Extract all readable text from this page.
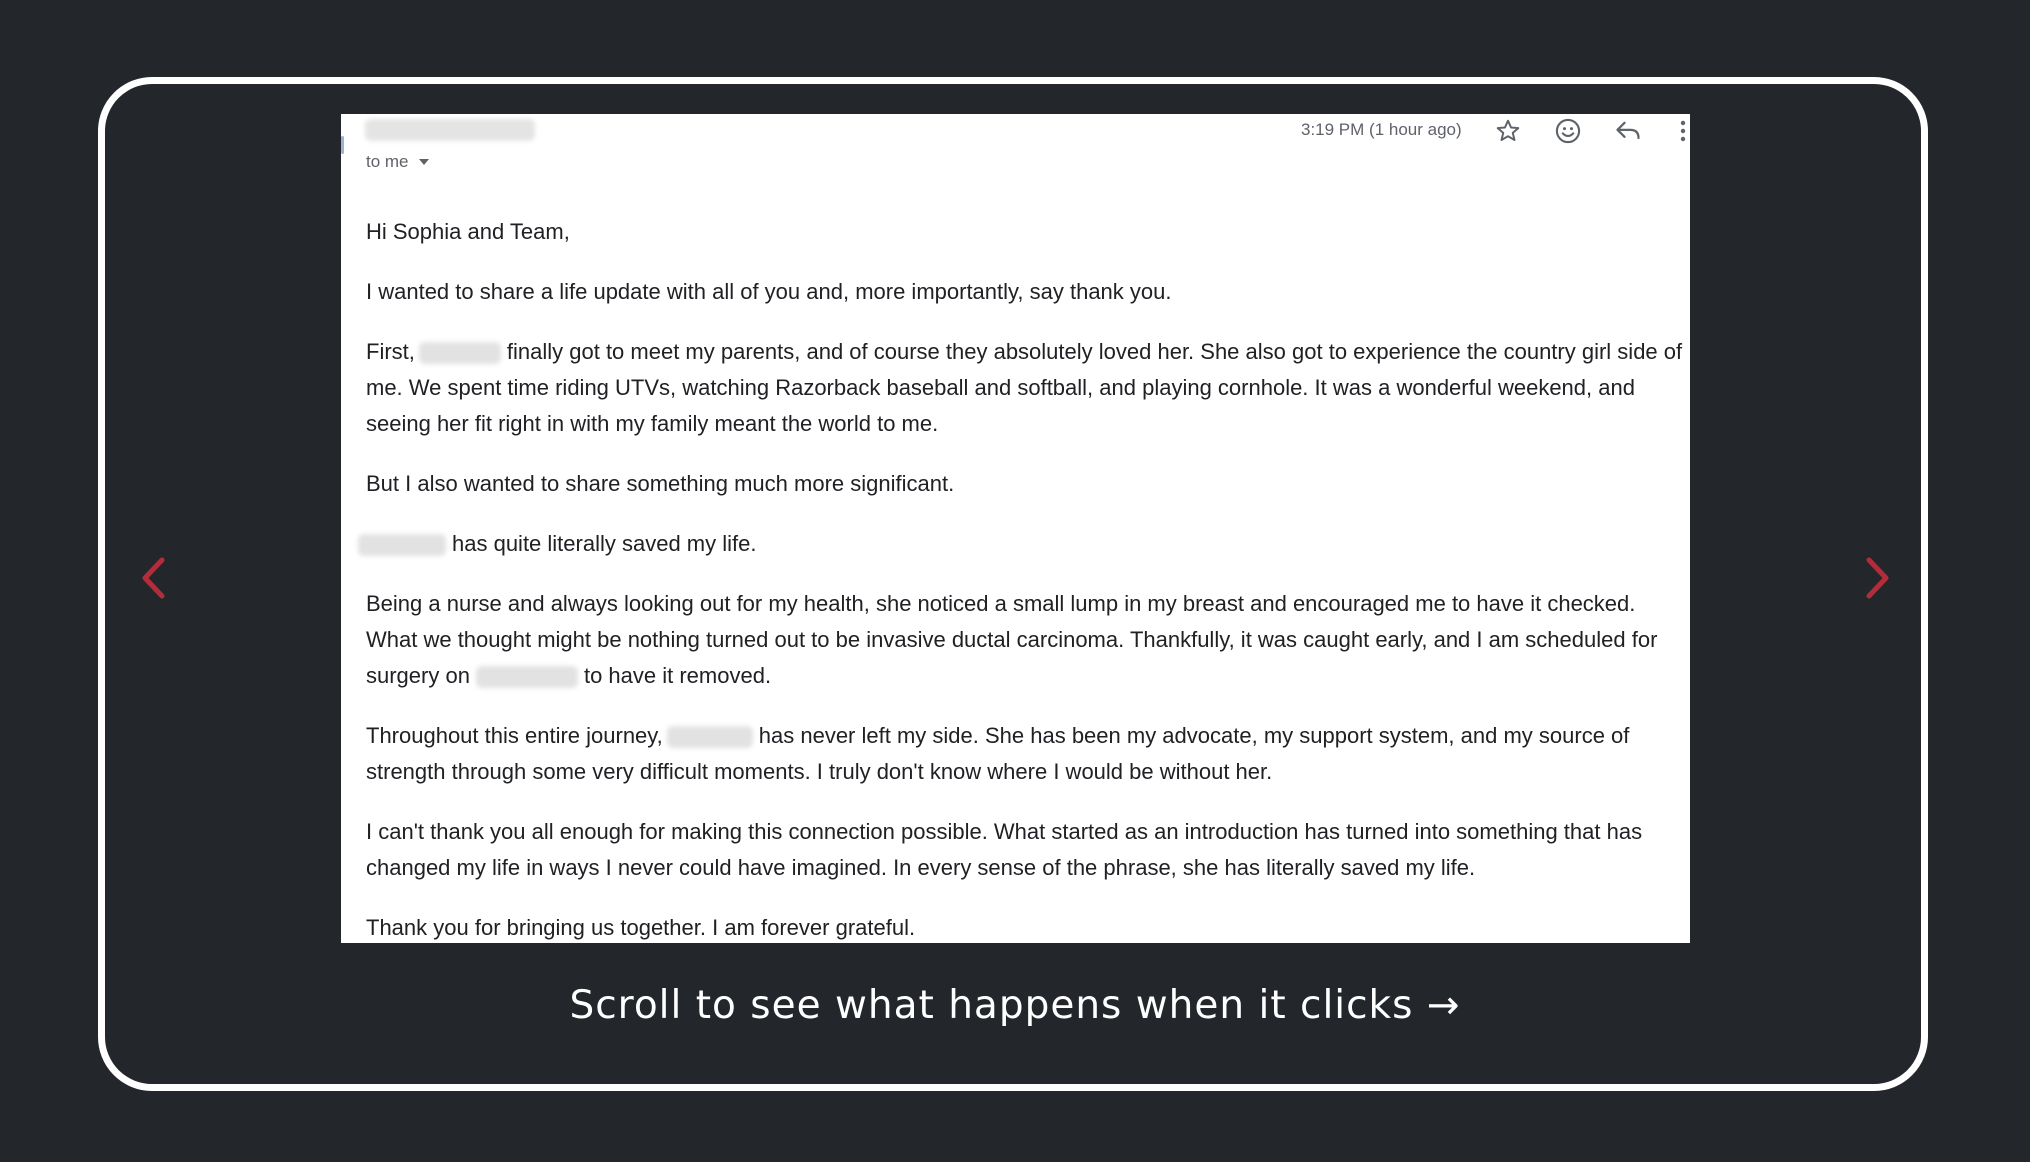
to me
3:19 PM (1 hour ago)

Hi Sophia and Team,

I wanted to share a life update with all of you and, more importantly, say thank you.

First,	finally got to meet my parents, and of course they absolutely loved her. She also got to experience the country girl side of me. We spent time riding UTVs, watching Razorback baseball and softball, and playing cornhole. It was a wonderful weekend, and seeing her fit right in with my family meant the world to me.

But I also wanted to share something much more significant.

has quite literally saved my life.

Being a nurse and always looking out for my health, she noticed a small lump in my breast and encouraged me to have it checked. What we thought might be nothing turned out to be invasive ductal carcinoma. Thankfully, it was caught early, and I am scheduled for surgery on	to have it removed.

Throughout this entire journey,	has never left my side. She has been my advocate, my support system, and my source of strength through some very difficult moments. I truly don't know where I would be without her.

I can't thank you all enough for making this connection possible. What started as an introduction has turned into something that has changed my life in ways I never could have imagined. In every sense of the phrase, she has literally saved my life.

Thank you for bringing us together. I am forever grateful.

Scroll to see what happens when it clicks →
